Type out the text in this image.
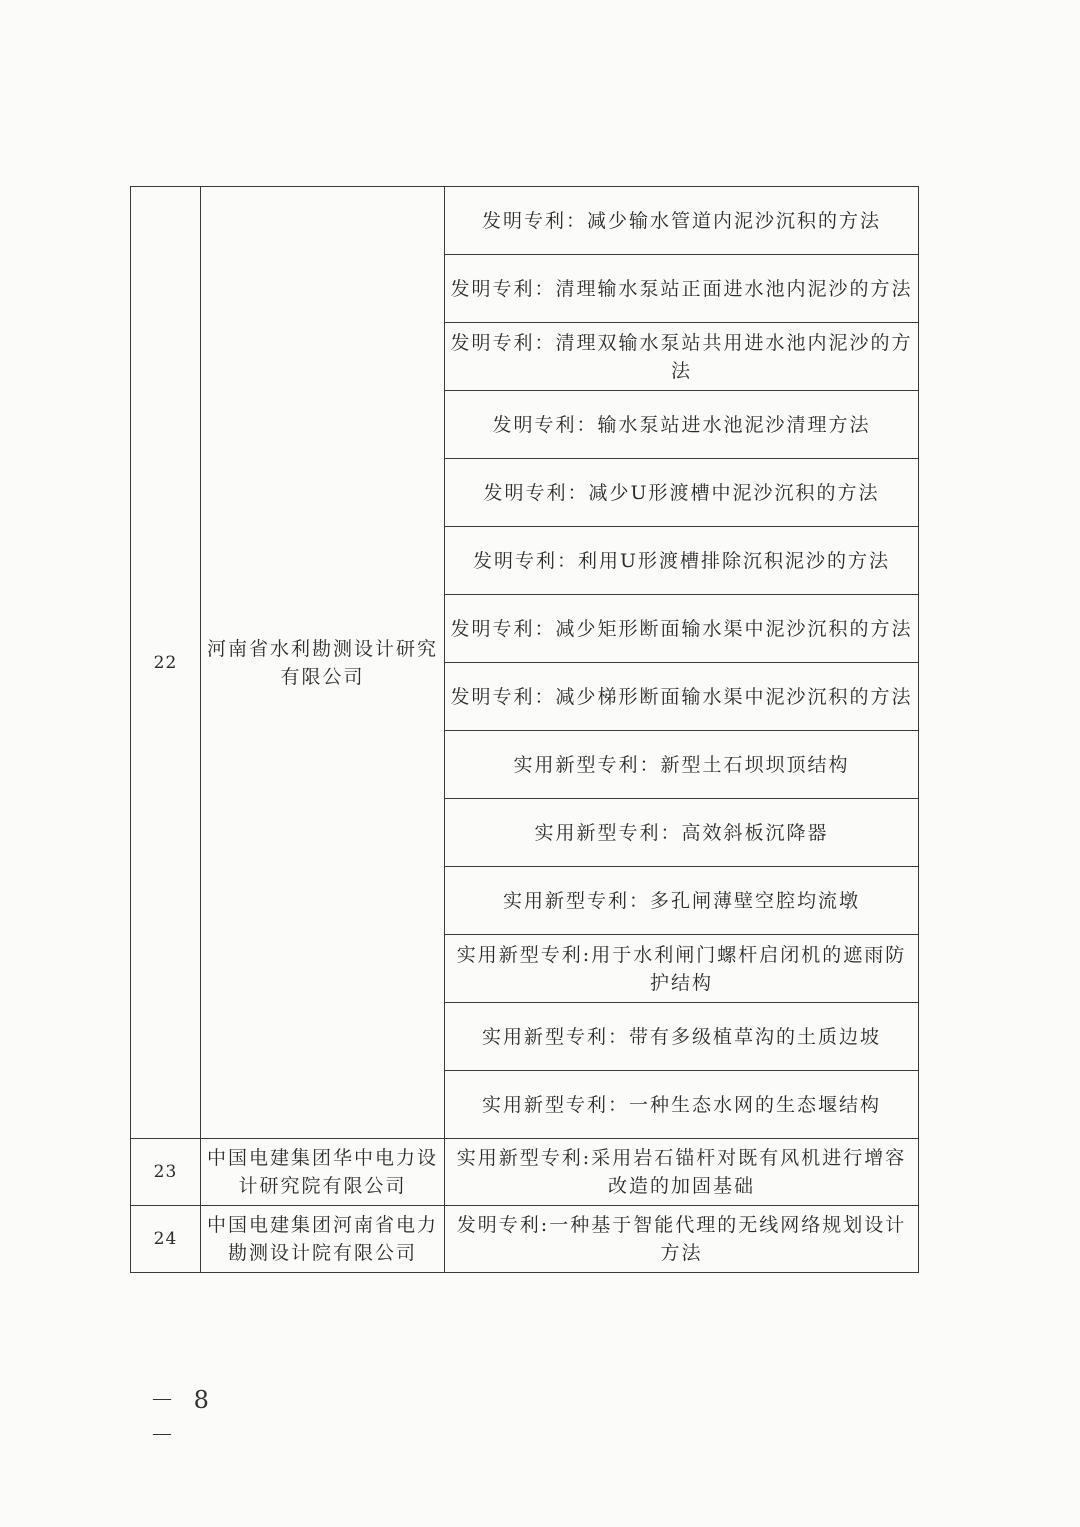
22	河南省水利勘测设计研究有限公司	发明专利：减少输水管道内泥沙沉积的方法
		发明专利：清理输水泵站正面进水池内泥沙的方法
		发明专利：清理双输水泵站共用进水池内泥沙的方法
		发明专利：输水泵站进水池泥沙清理方法
		发明专利：减少U形渡槽中泥沙沉积的方法
		发明专利：利用U形渡槽排除沉积泥沙的方法
		发明专利：减少矩形断面输水渠中泥沙沉积的方法
		发明专利：减少梯形断面输水渠中泥沙沉积的方法
		实用新型专利：新型土石坝坝顶结构
		实用新型专利：高效斜板沉降器
		实用新型专利：多孔闸薄壁空腔均流墩
		实用新型专利:用于水利闸门螺杆启闭机的遮雨防护结构
		实用新型专利：带有多级植草沟的土质边坡
		实用新型专利：一种生态水网的生态堰结构
23	中国电建集团华中电力设计研究院有限公司	实用新型专利:采用岩石锚杆对既有风机进行增容改造的加固基础
24	中国电建集团河南省电力勘测设计院有限公司	发明专利:一种基于智能代理的无线网络规划设计方法
－ 8 －
